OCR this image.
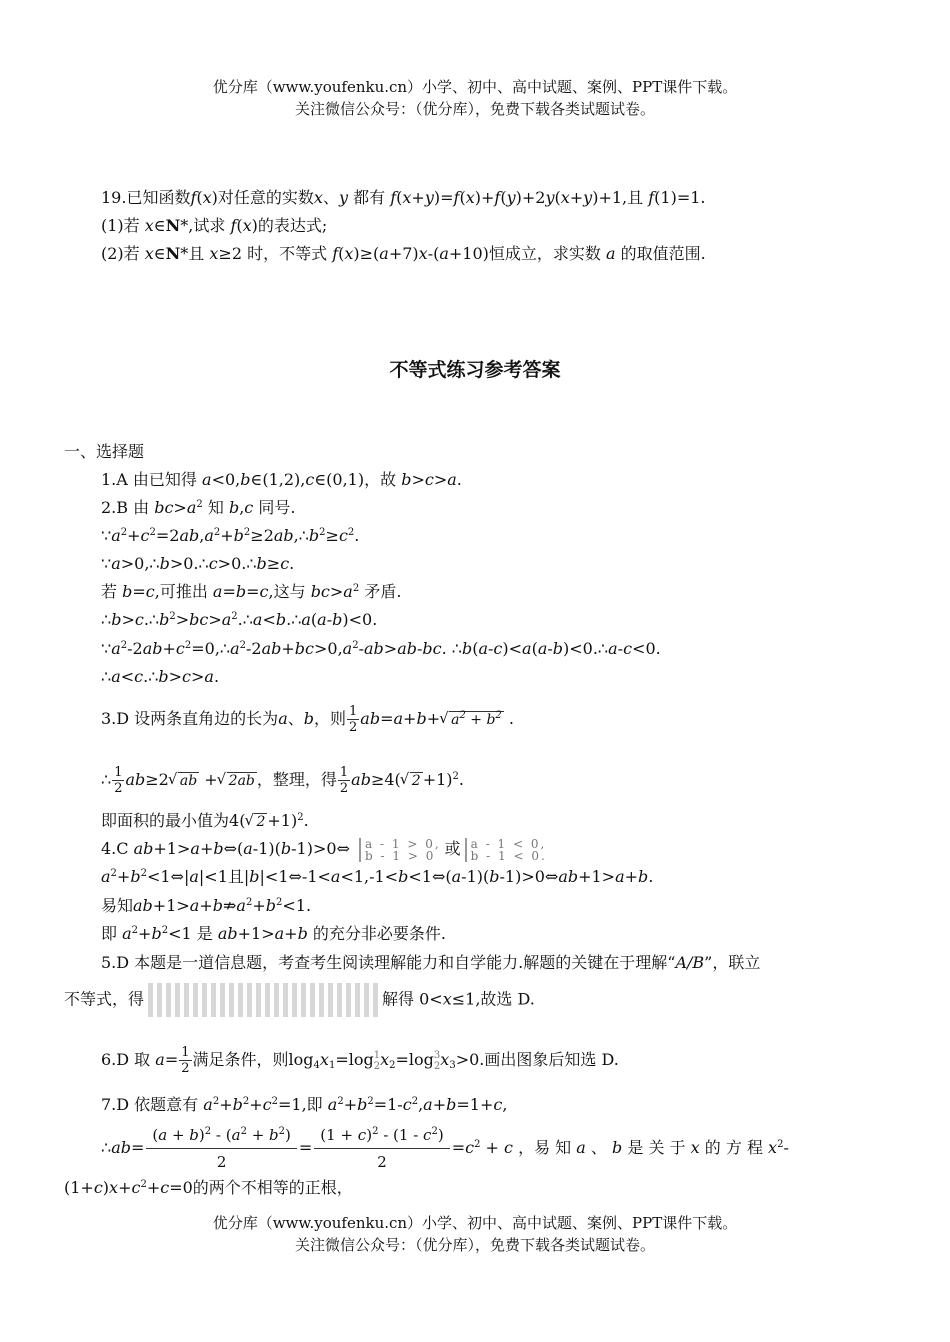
优分库（www.youfenku.cn）小学、初中、高中试题、案例、PPT课件下载。
关注微信公众号：（优分库），免费下载各类试题试卷。
19.已知函数f(x)对任意的实数x、y 都有 f(x+y)=f(x)+f(y)+2y(x+y)+1,且 f(1)=1.
(1)若 x∈N*,试求 f(x)的表达式;
(2)若 x∈N*且 x≥2 时，不等式 f(x)≥(a+7)x-(a+10)恒成立，求实数 a 的取值范围.
不等式练习参考答案
一、选择题
1.A 由已知得 a<0,b∈(1,2),c∈(0,1)，故 b>c>a.
2.B 由 $bc>a^2$ 知 b,c 同号.
$\because a^2+c^2=2ab,a^2+b^2\ge 2ab,\therefore b^2\ge c^2$.
∵a>0,∴b>0.∴c>0.∴b≥c.
若 b=c,可推出 a=b=c,这与 $bc>a^2$ 矛盾.
$\therefore b>c.\therefore b^2>bc>a^2.\therefore a<b.\therefore a(a-b)<0$.
$\because a^2-2ab+c^2=0,\therefore a^2-2ab+bc>0,a^2-ab>ab-bc$. ∴b(a-c)<a(a-b)<0.∴a-c<0.
∴a<c.∴b>c>a.
3.D 设两条直角边的长为a、b，则 $\frac{1}{2} ab=a+b+√$ $a^2 + b^2$ .
∴ $\frac{1}{2} ab\ge 2√$ ab +√ 2ab ，整理，得 $\frac{1}{2} ab\ge 4(√$ 2 +1)$^2$.
即面积的最小值为4(√ 2 +1)$^2$.
4.C ab+1>a+b⇔(a-1)(b-1)>0⇔ a - 1 > 0,
b - 1 > 0 或 a - 1 < 0,
b - 1 < 0.
$a^2+b^2<1\Leftrightarrow|a|<1$且|b|<1⇔-1<a<1,-1<b<1⇔(a-1)(b-1)>0⇔ab+1>a+b.
易知$ab+1>a+b⇏a^2+b^2<1$.
即 $a^2+b^2<1$ 是 ab+1>a+b 的充分非必要条件.
5.D 本题是一道信息题，考查考生阅读理解能力和自学能力.解题的关键在于理解“A/B”，联立
不等式，得	解得 0<x≤1,故选 D.
6.D 取 $a= \frac{1}{2}$ 满足条件，则$\log_4x_1=\log 1$
$2x_2=\log 3$
$2x_3>0$.画出图象后知选 D.
7.D 依题意有 $a^2+b^2+c^2=1$,即 $a^2+b^2=1-c^2,a+b=1+c$,
∴ab= $\frac{(a + b)^2 - (a^2 + b^2)}{2} = \frac{(1 + c)^2 - (1 - c^2)}{2} =c^2 + c$ ，易 知 a 、 b 是 关 于 x 的 方 程 $x^2-$
$(1+c)x+c^2+c=0$的两个不相等的正根，
优分库（www.youfenku.cn）小学、初中、高中试题、案例、PPT课件下载。
关注微信公众号：（优分库），免费下载各类试题试卷。
